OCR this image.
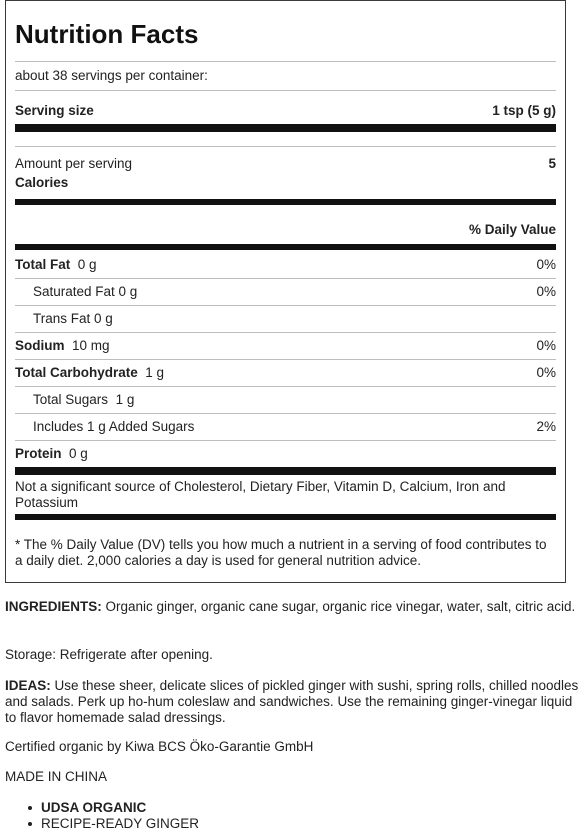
Nutrition Facts
about 38 servings per container:
Serving size	1 tsp (5 g)
Amount per serving	5
Calories
% Daily Value
Total Fat 0 g	0%
Saturated Fat 0 g	0%
Trans Fat 0 g
Sodium 10 mg	0%
Total Carbohydrate 1 g	0%
Total Sugars 1 g
Includes 1 g Added Sugars	2%
Protein 0 g
Not a significant source of Cholesterol, Dietary Fiber, Vitamin D, Calcium, Iron and Potassium
* The % Daily Value (DV) tells you how much a nutrient in a serving of food contributes to a daily diet. 2,000 calories a day is used for general nutrition advice.
INGREDIENTS: Organic ginger, organic cane sugar, organic rice vinegar, water, salt, citric acid.
Storage: Refrigerate after opening.
IDEAS: Use these sheer, delicate slices of pickled ginger with sushi, spring rolls, chilled noodles and salads. Perk up ho-hum coleslaw and sandwiches. Use the remaining ginger-vinegar liquid to flavor homemade salad dressings.
Certified organic by Kiwa BCS Öko-Garantie GmbH
MADE IN CHINA
UDSA ORGANIC
RECIPE-READY GINGER
